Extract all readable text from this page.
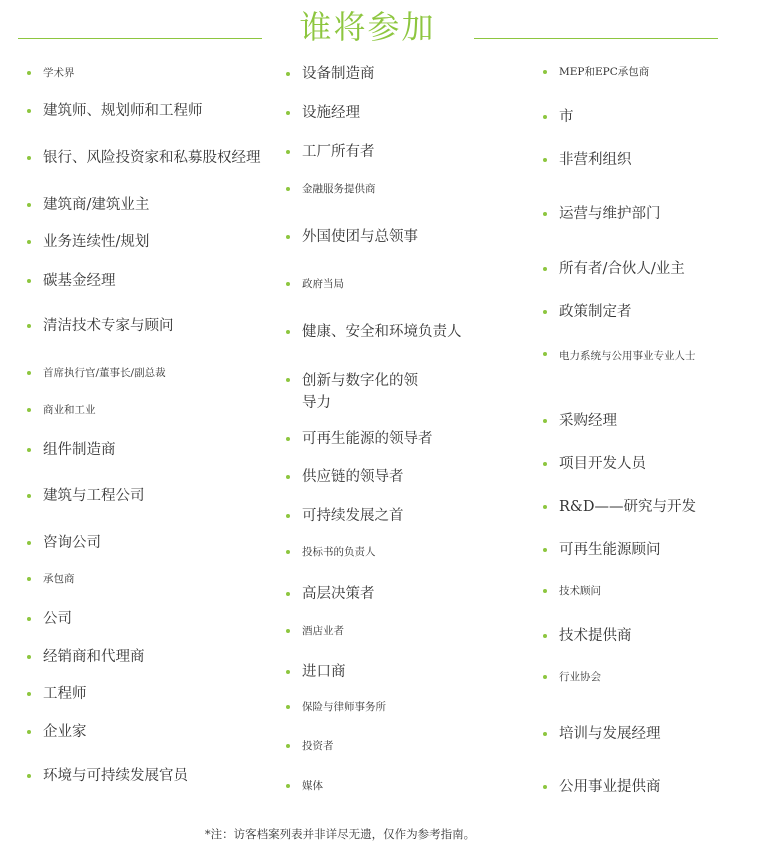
谁将参加
学术界
建筑师、规划师和工程师
银行、风险投资家和私募股权经理
建筑商/建筑业主
业务连续性/规划
碳基金经理
清洁技术专家与顾问
首席执行官/董事长/副总裁
商业和工业
组件制造商
建筑与工程公司
咨询公司
承包商
公司
经销商和代理商
工程师
企业家
环境与可持续发展官员
设备制造商
设施经理
工厂所有者
金融服务提供商
外国使团与总领事
政府当局
健康、安全和环境负责人
创新与数字化的领导力
可再生能源的领导者
供应链的领导者
可持续发展之首
投标书的负责人
高层决策者
酒店业者
进口商
保险与律师事务所
投资者
媒体
MEP和EPC承包商
市
非营利组织
运营与维护部门
所有者/合伙人/业主
政策制定者
电力系统与公用事业专业人士
采购经理
项目开发人员
R&D——研究与开发
可再生能源顾问
技术顾问
技术提供商
行业协会
培训与发展经理
公用事业提供商
*注：访客档案列表并非详尽无遗，仅作为参考指南。
